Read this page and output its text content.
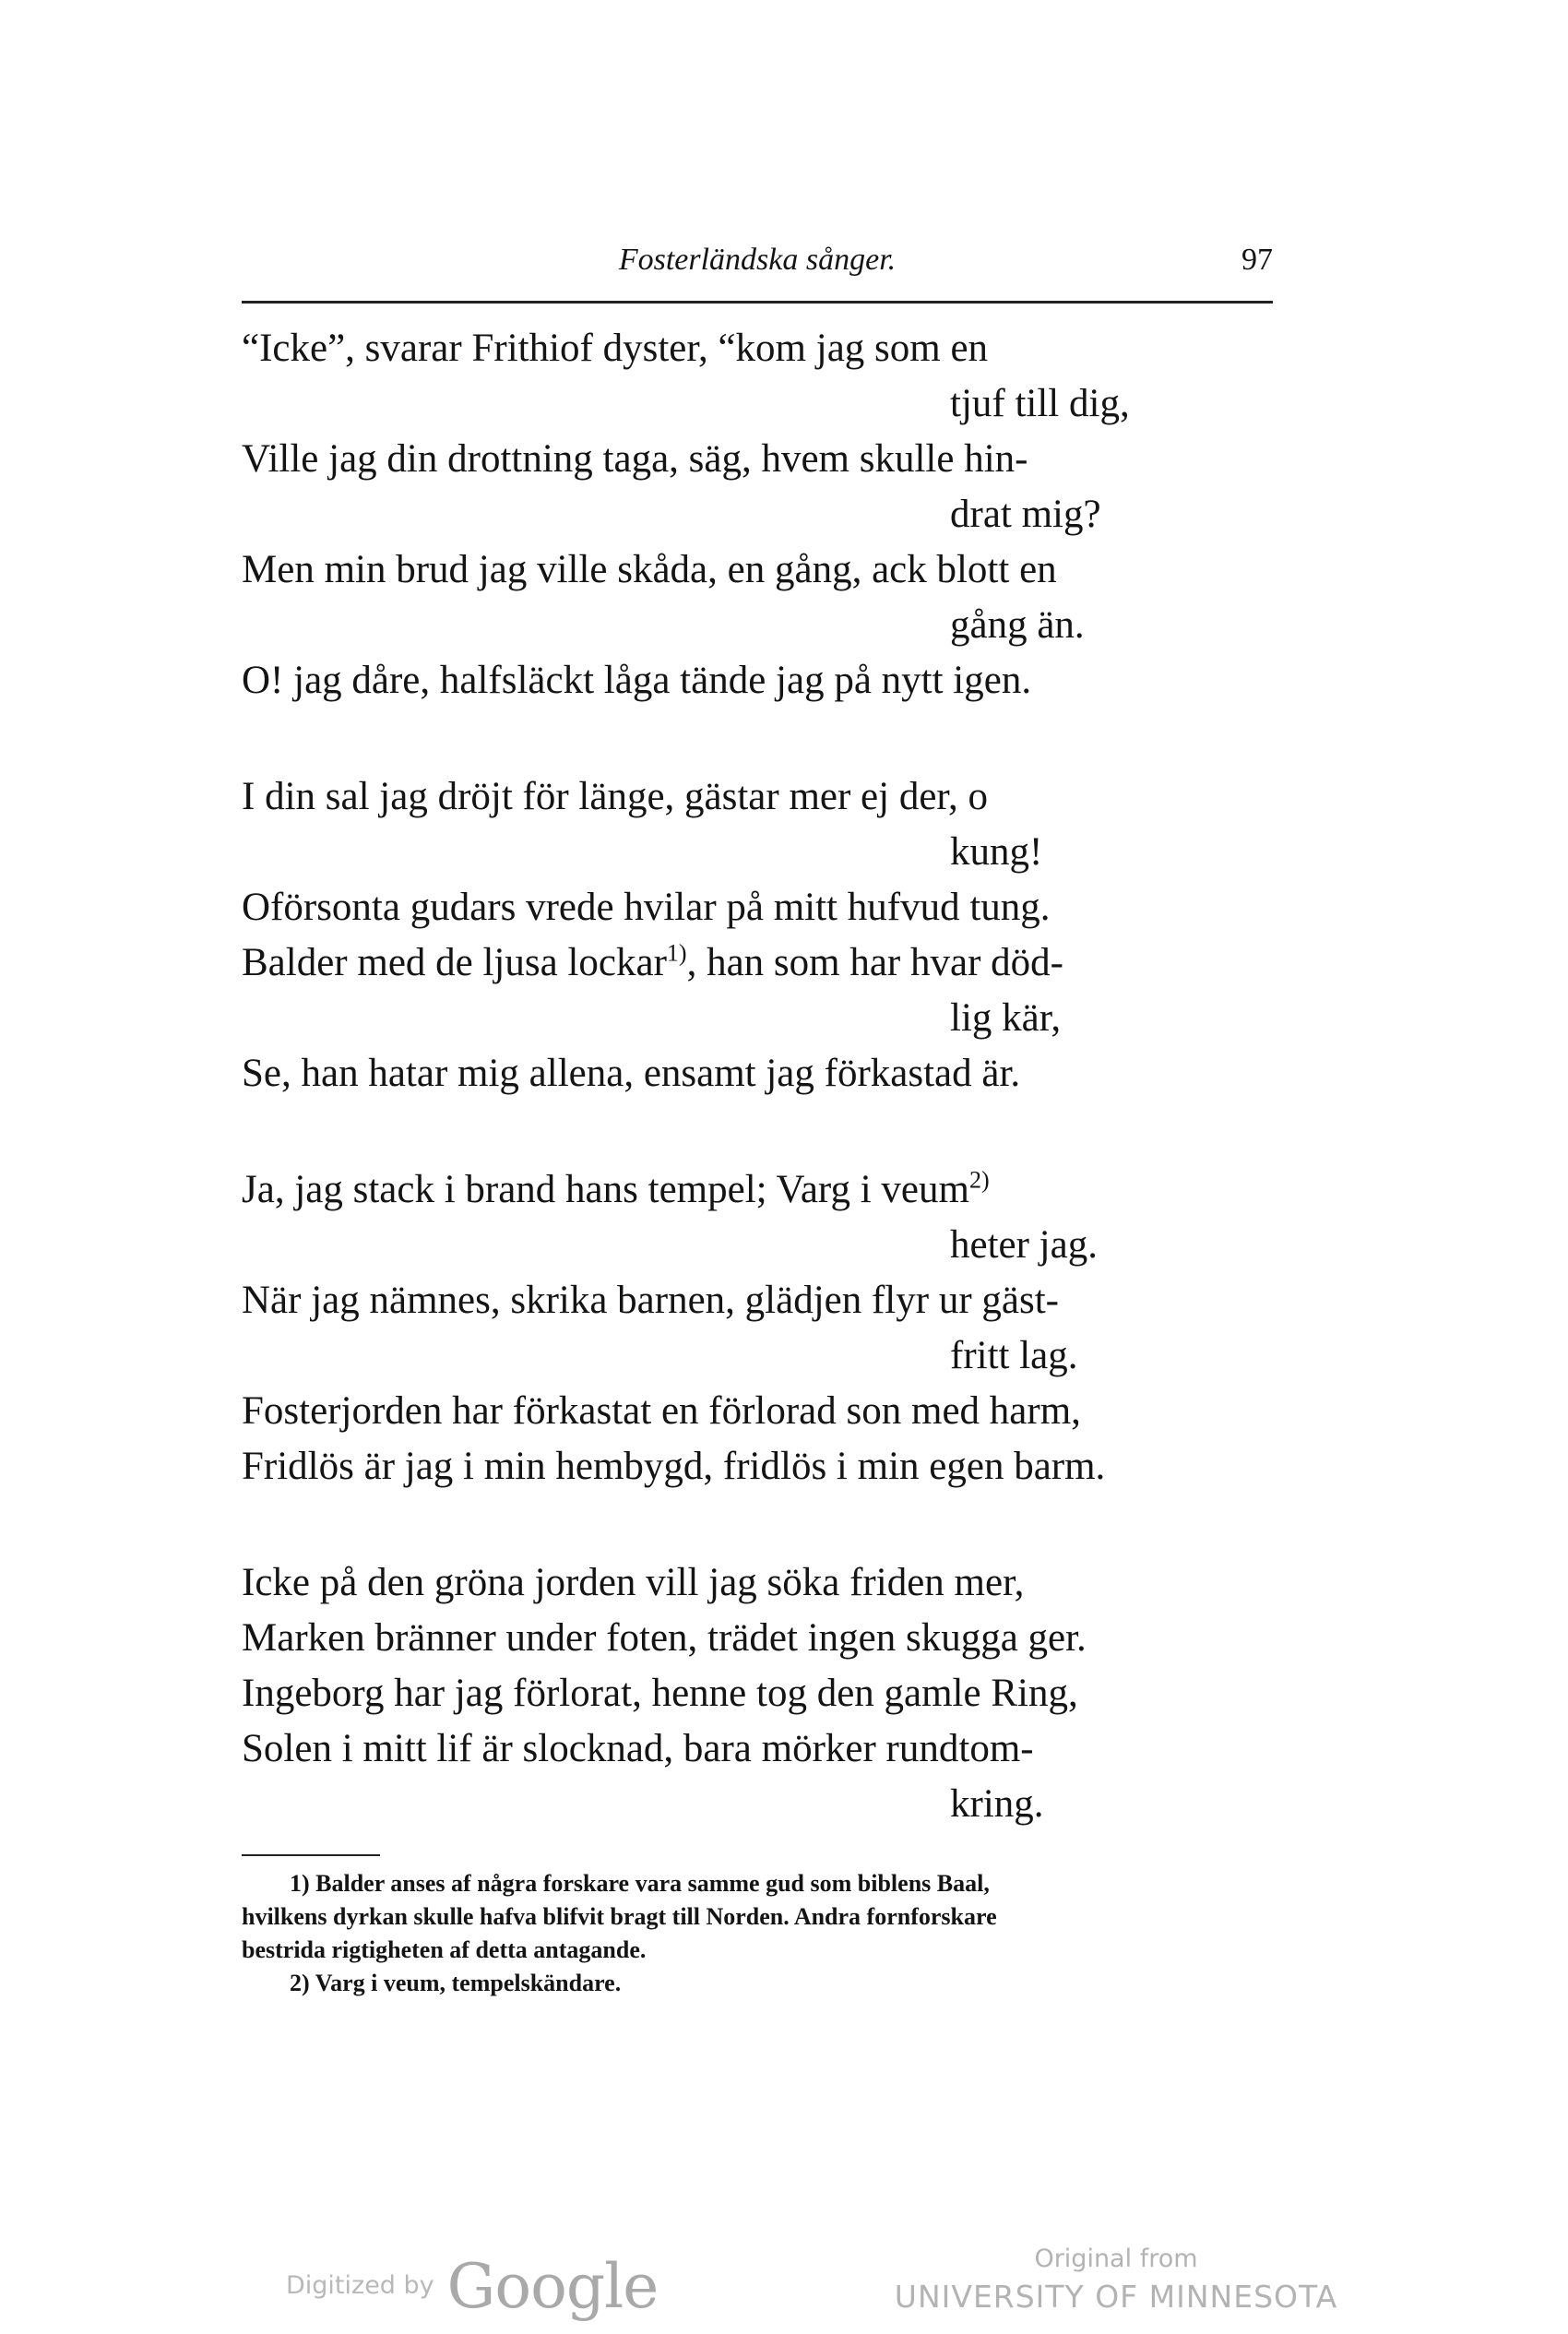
Fosterländska sånger.	97
“Icke”, svarar Frithiof dyster, “kom jag som en
tjuf till dig,
Ville jag din drottning taga, säg, hvem skulle hin-
drat mig?
Men min brud jag ville skåda, en gång, ack blott en
gång än.
O! jag dåre, halfsläckt låga tände jag på nytt igen.
I din sal jag dröjt för länge, gästar mer ej der, o
kung!
Oförsonta gudars vrede hvilar på mitt hufvud tung.
Balder med de ljusa lockar$^{1)}$, han som har hvar död-
lig kär,
Se, han hatar mig allena, ensamt jag förkastad är.
Ja, jag stack i brand hans tempel; Varg i veum$^{2)}$
heter jag.
När jag nämnes, skrika barnen, glädjen flyr ur gäst-
fritt lag.
Fosterjorden har förkastat en förlorad son med harm,
Fridlös är jag i min hembygd, fridlös i min egen barm.
Icke på den gröna jorden vill jag söka friden mer,
Marken bränner under foten, trädet ingen skugga ger.
Ingeborg har jag förlorat, henne tog den gamle Ring,
Solen i mitt lif är slocknad, bara mörker rundtom-
kring.
1) Balder anses af några forskare vara samme gud som biblens Baal,
hvilkens dyrkan skulle hafva blifvit bragt till Norden. Andra fornforskare
bestrida rigtigheten af detta antagande.
2) Varg i veum, tempelskändare.
Digitized by Google	Original from
UNIVERSITY OF MINNESOTA
